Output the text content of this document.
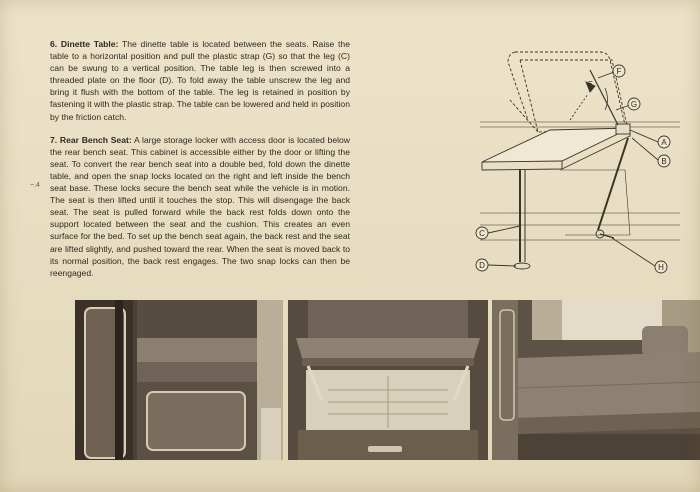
6. Dinette Table: The dinette table is located between the seats. Raise the table to a horizontal position and pull the plastic strap (G) so that the leg (C) can be swung to a vertical position. The table leg is then screwed into a threaded plate on the floor (D). To fold away the table unscrew the leg and bring it flush with the bottom of the table. The leg is retained in position by fastening it with the plastic strap. The table can be lowered and held in position by the friction catch.

7. Rear Bench Seat: A large storage locker with access door is located below the rear bench seat. This cabinet is accessible either by the door or lifting the seat. To convert the rear bench seat into a double bed, fold down the dinette table, and open the snap locks located on the right and left inside the bench seat base. These locks secure the bench seat while the vehicle is in motion. The seat is then lifted until it touches the stop. This will disengage the back seat. The seat is pulled forward while the back rest folds down onto the support located between the seat and the cushion. This creates an even surface for the bed. To set up the bench seat again, the back rest and the seat are lifted slightly, and pushed toward the rear. When the seat is moved back to its normal position, the back rest engages. The two snap locks can then be reengaged.

~.4
F
E
G
A
B
C
D	H
